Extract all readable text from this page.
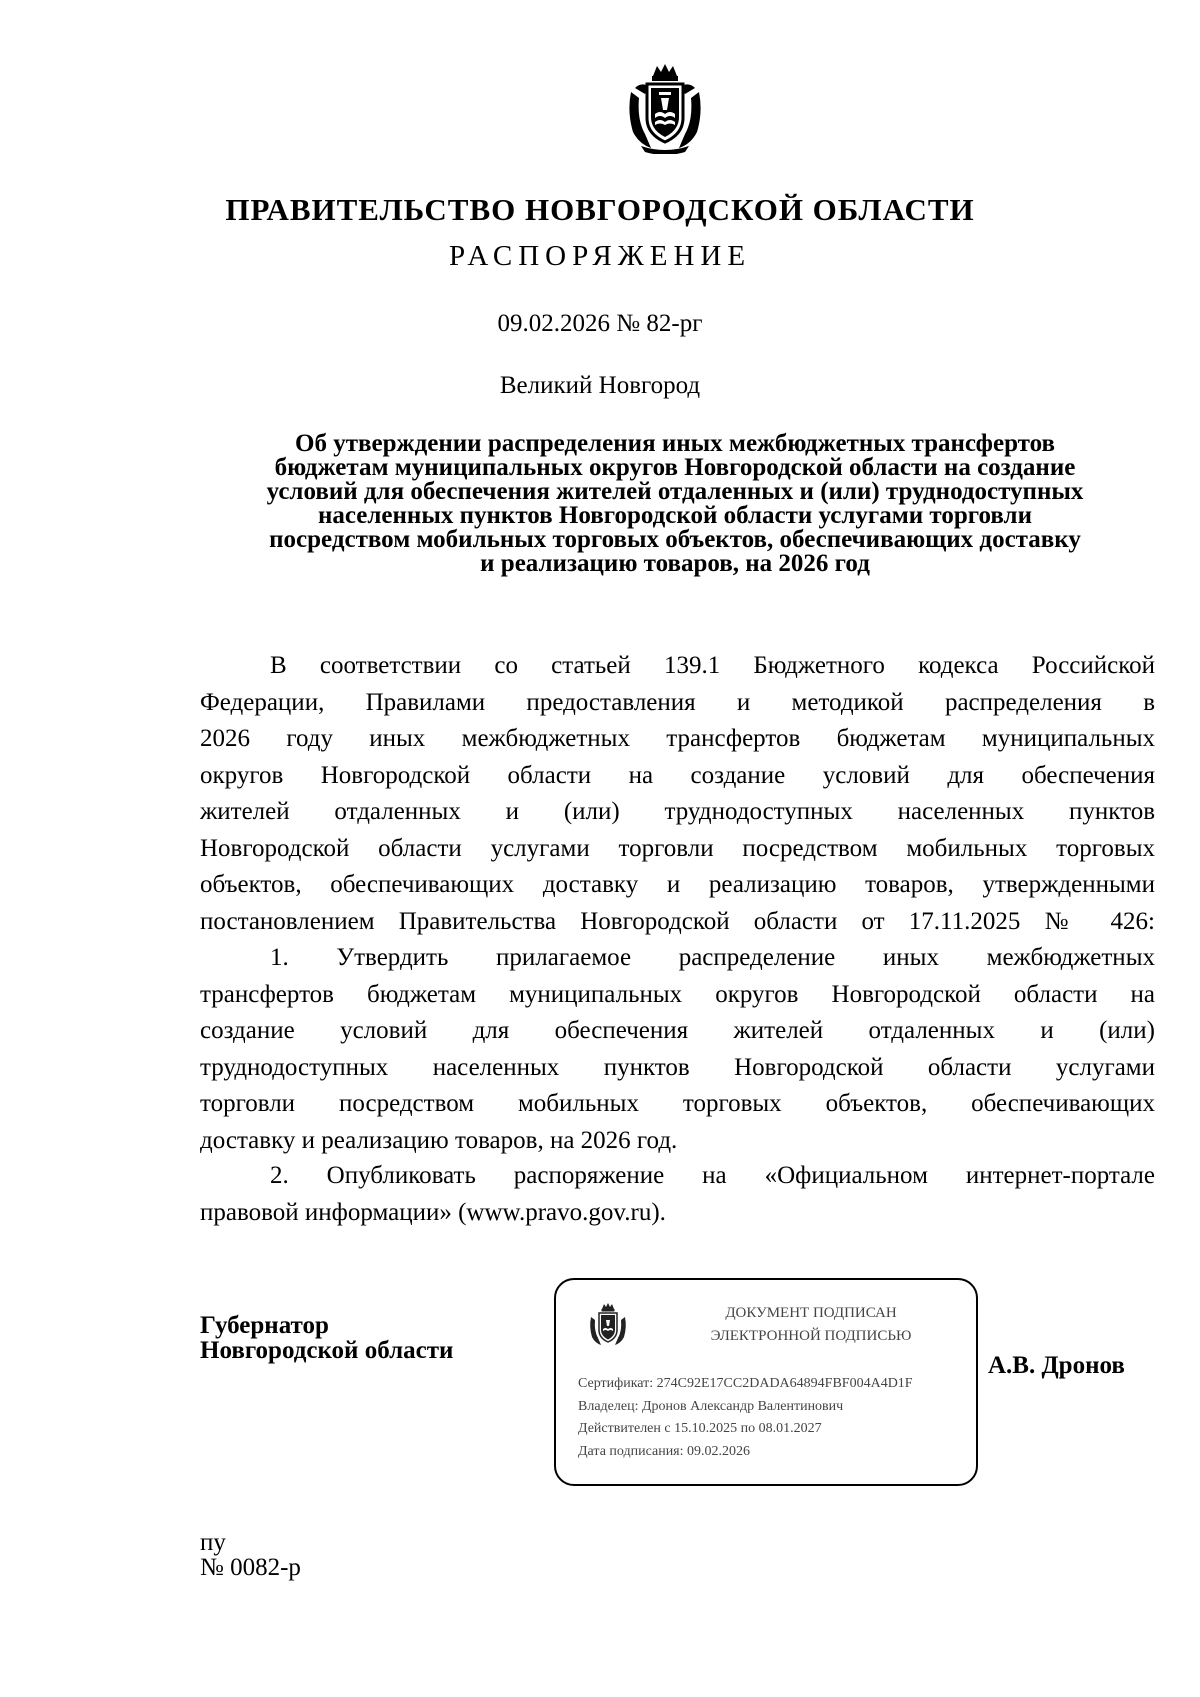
ПРАВИТЕЛЬСТВО НОВГОРОДСКОЙ ОБЛАСТИ
РАСПОРЯЖЕНИЕ
09.02.2026 № 82-рг
Великий Новгород
Об утверждении распределения иных межбюджетных трансфертов
бюджетам муниципальных округов Новгородской области на создание
условий для обеспечения жителей отдаленных и (или) труднодоступных
населенных пунктов Новгородской области услугами торговли
посредством мобильных торговых объектов, обеспечивающих доставку
и реализацию товаров, на 2026 год
В соответствии со статьей 139.1 Бюджетного кодекса Российской
Федерации, Правилами предоставления и методикой распределения в
2026 году иных межбюджетных трансфертов бюджетам муниципальных
округов Новгородской области на создание условий для обеспечения
жителей отдаленных и (или) труднодоступных населенных пунктов
Новгородской области услугами торговли посредством мобильных торговых
объектов, обеспечивающих доставку и реализацию товаров, утвержденными
постановлением Правительства Новгородской области от 17.11.2025 № 426:
1. Утвердить прилагаемое распределение иных межбюджетных
трансфертов бюджетам муниципальных округов Новгородской области на
создание условий для обеспечения жителей отдаленных и (или)
труднодоступных населенных пунктов Новгородской области услугами
торговли посредством мобильных торговых объектов, обеспечивающих
доставку и реализацию товаров, на 2026 год.
2. Опубликовать распоряжение на «Официальном интернет-портале
правовой информации» (www.pravo.gov.ru).
Губернатор
Новгородской области
ДОКУМЕНТ ПОДПИСАН
ЭЛЕКТРОННОЙ ПОДПИСЬЮ
Сертификат: 274C92E17CC2DADA64894FBF004A4D1F
Владелец: Дронов Александр Валентинович
Действителен с 15.10.2025 по 08.01.2027
Дата подписания: 09.02.2026
А.В. Дронов
пу
№ 0082-р
